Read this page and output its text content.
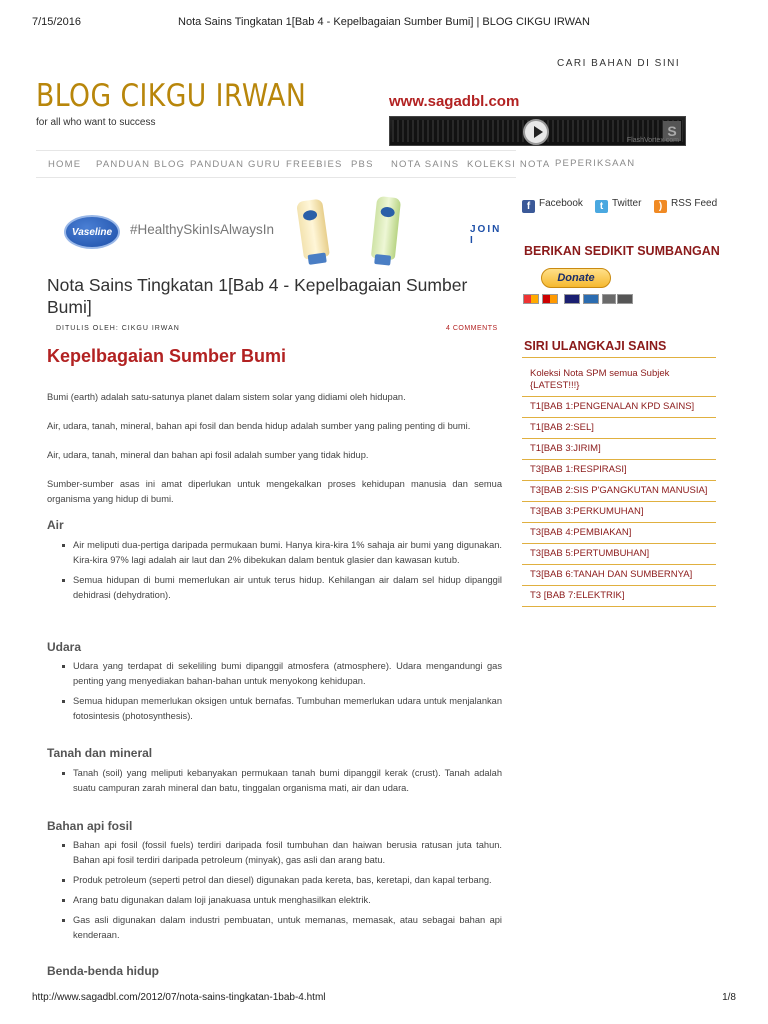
7/15/2016	Nota Sains Tingkatan 1[Bab 4 - Kepelbagaian Sumber Bumi] | BLOG CIKGU IRWAN
CARI BAHAN DI SINI
BLOG CIKGU IRWAN
for all who want to success
www.sagadbl.com
S
FlashVortex.com
HOME PANDUAN BLOG PANDUAN GURU FREEBIES PBS NOTA SAINS KOLEKSI NOTA PEPERIKSAAN
Vaseline	#HealthySkinIsAlwaysIn	JOIN I
Nota Sains Tingkatan 1[Bab 4 - Kepelbagaian Sumber Bumi]
DITULIS OLEH: CIKGU IRWAN	4 COMMENTS
Kepelbagaian Sumber Bumi

Bumi (earth) adalah satu-satunya planet dalam sistem solar yang didiami oleh hidupan.

Air, udara, tanah, mineral, bahan api fosil dan benda hidup adalah sumber yang paling penting di bumi.

Air, udara, tanah, mineral dan bahan api fosil adalah sumber yang tidak hidup.

Sumber-sumber asas ini amat diperlukan untuk mengekalkan proses kehidupan manusia dan semua organisma yang hidup di bumi.

Air
Air meliputi dua-pertiga daripada permukaan bumi. Hanya kira-kira 1% sahaja air bumi yang digunakan. Kira-kira 97% lagi adalah air laut dan 2% dibekukan dalam bentuk glasier dan kawasan kutub.
Semua hidupan di bumi memerlukan air untuk terus hidup. Kehilangan air dalam sel hidup dipanggil dehidrasi (dehydration).
Udara
Udara yang terdapat di sekeliling bumi dipanggil atmosfera (atmosphere). Udara mengandungi gas penting yang menyediakan bahan-bahan untuk menyokong kehidupan.
Semua hidupan memerlukan oksigen untuk bernafas. Tumbuhan memerlukan udara untuk menjalankan fotosintesis (photosynthesis).
Tanah dan mineral
Tanah (soil) yang meliputi kebanyakan permukaan tanah bumi dipanggil kerak (crust). Tanah adalah suatu campuran zarah mineral dan batu, tinggalan organisma mati, air dan udara.
Bahan api fosil
Bahan api fosil (fossil fuels) terdiri daripada fosil tumbuhan dan haiwan berusia ratusan juta tahun. Bahan api fosil terdiri daripada petroleum (minyak), gas asli dan arang batu.
Produk petroleum (seperti petrol dan diesel) digunakan pada kereta, bas, keretapi, dan kapal terbang.
Arang batu digunakan dalam loji janakuasa untuk menghasilkan elektrik.
Gas asli digunakan dalam industri pembuatan, untuk memanas, memasak, atau sebagai bahan api kenderaan.
Benda-benda hidup
f Facebook	t Twitter	) RSS Feed
BERIKAN SEDIKIT SUMBANGAN
Donate
SIRI ULANGKAJI SAINS
Koleksi Nota SPM semua Subjek {LATEST!!!}
T1[BAB 1:PENGENALAN KPD SAINS]
T1[BAB 2:SEL]
T1[BAB 3:JIRIM]
T3[BAB 1:RESPIRASI]
T3[BAB 2:SIS P'GANGKUTAN MANUSIA]
T3[BAB 3:PERKUMUHAN]
T3[BAB 4:PEMBIAKAN]
T3[BAB 5:PERTUMBUHAN]
T3[BAB 6:TANAH DAN SUMBERNYA]
T3 [BAB 7:ELEKTRIK]
http://www.sagadbl.com/2012/07/nota-sains-tingkatan-1bab-4.html	1/8
